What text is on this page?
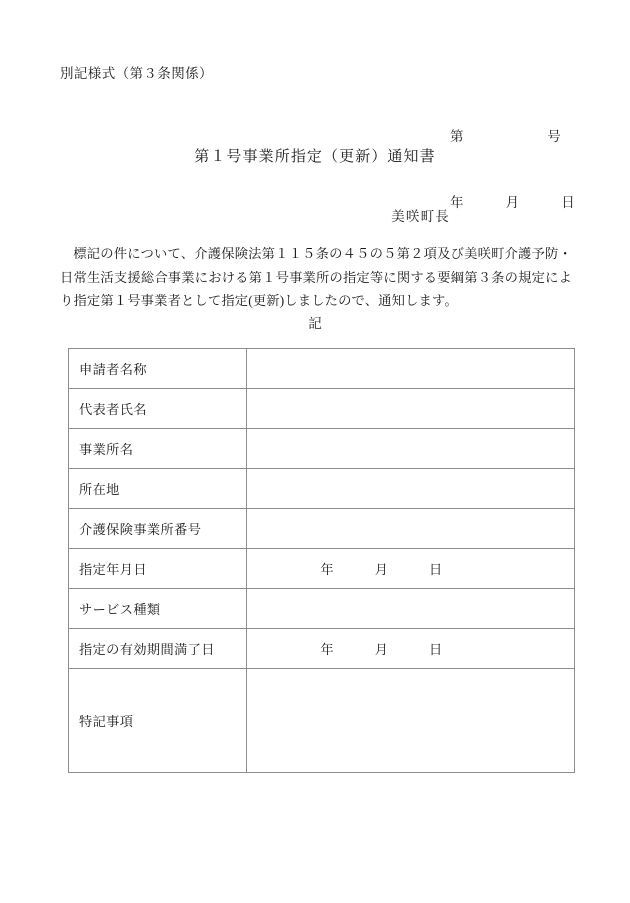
別記様式（第３条関係）

第　　　　　　号

年　　　月　　　日

第１号事業所指定（更新）通知書
美咲町長

標記の件について、介護保険法第１１５条の４５の５第２項及び美咲町介護予防・日常生活支援総合事業における第１号事業所の指定等に関する要綱第３条の規定により指定第１号事業者として指定(更新)しましたので、通知します。

記
申請者名称	

代表者氏名	

事業所名	

所在地	

介護保険事業所番号	

指定年月日	年　　　月　　　日

サービス種類	

指定の有効期間満了日	年　　　月　　　日

特記事項	
